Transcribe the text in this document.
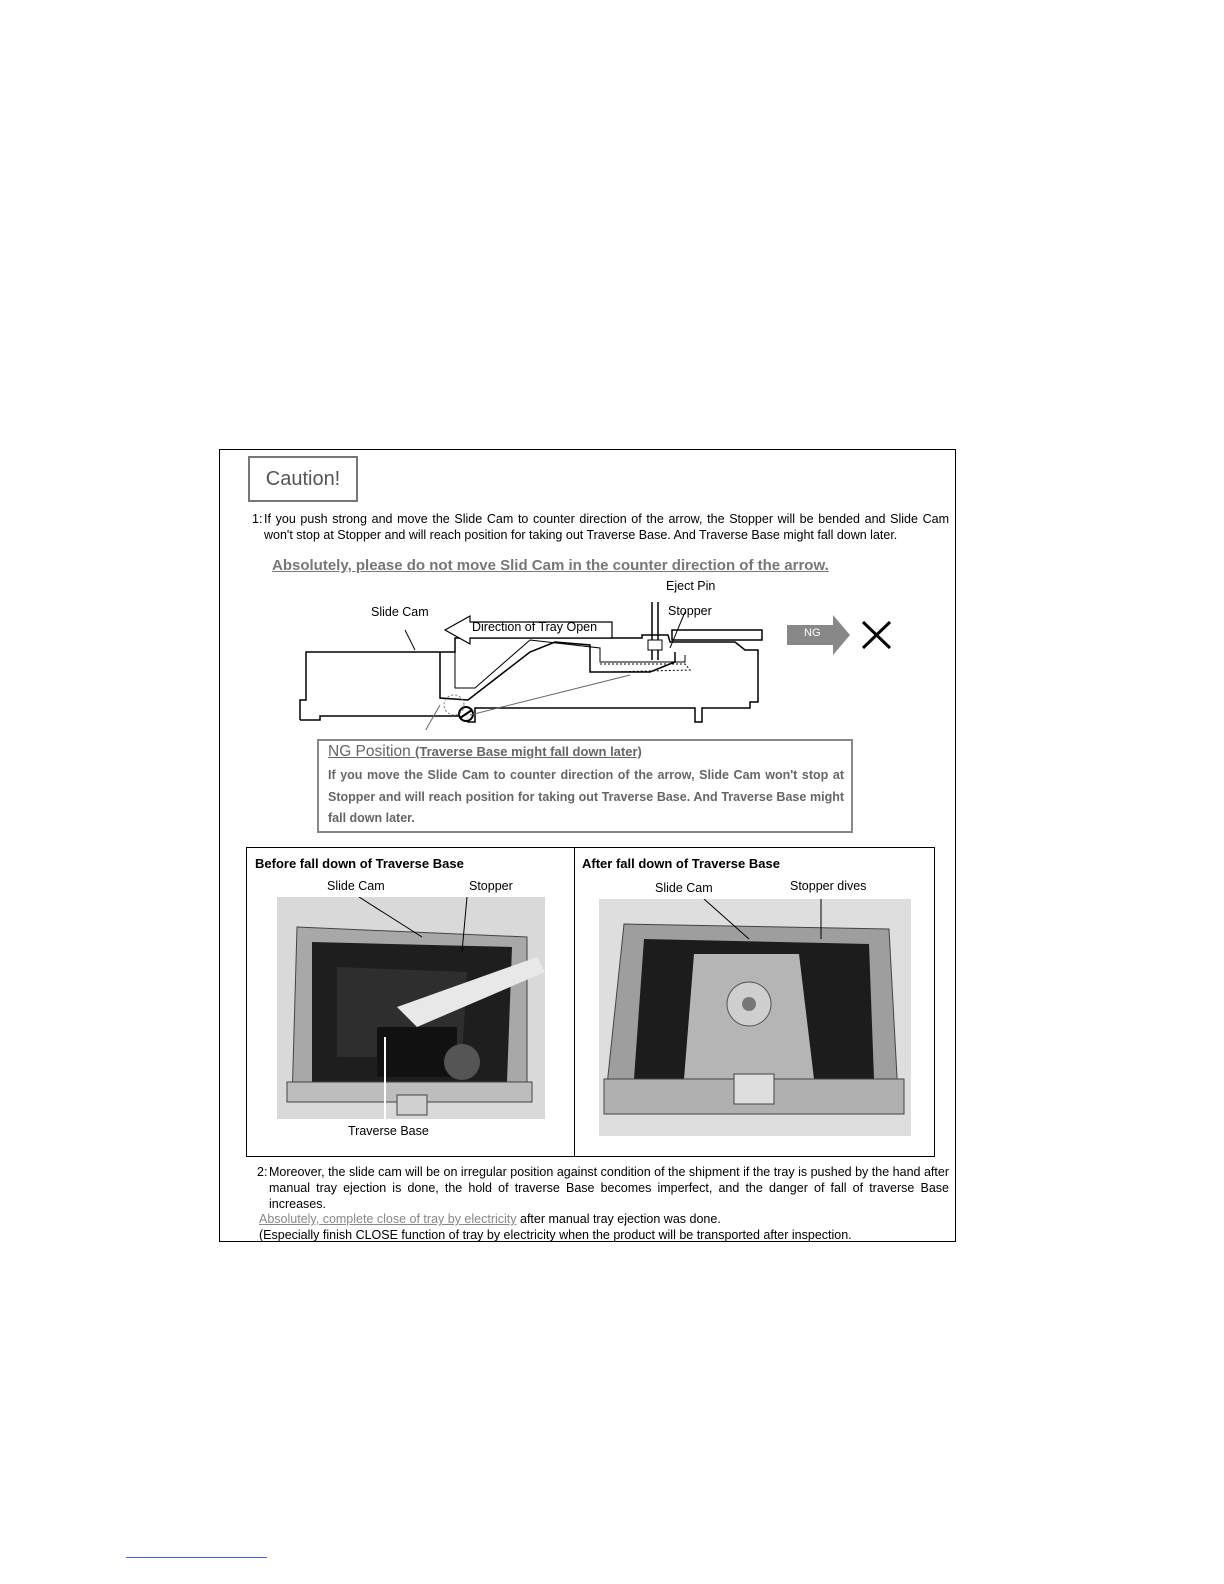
Caution!
1: If you push strong and move the Slide Cam to counter direction of the arrow, the Stopper will be bended and Slide Cam won't stop at Stopper and will reach position for taking out Traverse Base. And Traverse Base might fall down later.
Absolutely, please do not move Slid Cam in the counter direction of the arrow.
Eject Pin
Slide Cam	Stopper
Direction of Tray Open	NG
NG Position (Traverse Base might fall down later)
If you move the Slide Cam to counter direction of the arrow, Slide Cam won't stop at Stopper and will reach position for taking out Traverse Base. And Traverse Base might fall down later.
Before fall down of Traverse Base	After fall down of Traverse Base
Slide Cam	Stopper
Traverse Base
Slide Cam	Stopper dives
2: Moreover, the slide cam will be on irregular position against condition of the shipment if the tray is pushed by the hand after manual tray ejection is done, the hold of traverse Base becomes imperfect, and the danger of fall of traverse Base increases.
Absolutely, complete close of tray by electricity after manual tray ejection was done.
(Especially finish CLOSE function of tray by electricity when the product will be transported after inspection.
